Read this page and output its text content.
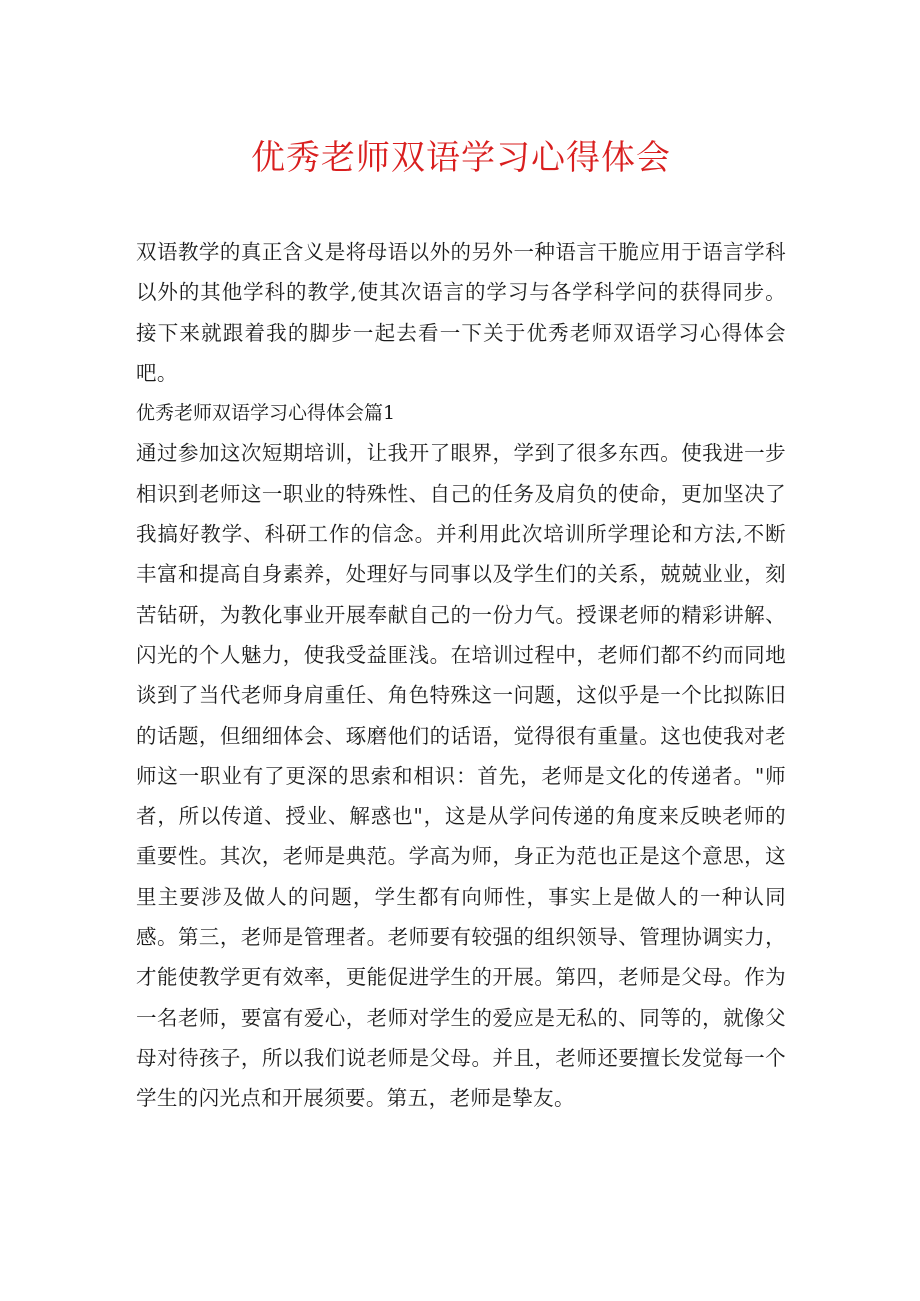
优秀老师双语学习心得体会

双语教学的真正含义是将母语以外的另外一种语言干脆应用于语言学科以外的其他学科的教学,使其次语言的学习与各学科学问的获得同步。接下来就跟着我的脚步一起去看一下关于优秀老师双语学习心得体会吧。

优秀老师双语学习心得体会篇1

通过参加这次短期培训，让我开了眼界，学到了很多东西。使我进一步相识到老师这一职业的特殊性、自己的任务及肩负的使命，更加坚决了我搞好教学、科研工作的信念。并利用此次培训所学理论和方法,不断丰富和提高自身素养，处理好与同事以及学生们的关系，兢兢业业，刻苦钻研，为教化事业开展奉献自己的一份力气。授课老师的精彩讲解、闪光的个人魅力，使我受益匪浅。在培训过程中，老师们都不约而同地谈到了当代老师身肩重任、角色特殊这一问题，这似乎是一个比拟陈旧的话题，但细细体会、琢磨他们的话语，觉得很有重量。这也使我对老师这一职业有了更深的思索和相识：首先，老师是文化的传递者。"师者，所以传道、授业、解惑也"，这是从学问传递的角度来反映老师的重要性。其次，老师是典范。学高为师，身正为范也正是这个意思，这里主要涉及做人的问题，学生都有向师性，事实上是做人的一种认同感。第三，老师是管理者。老师要有较强的组织领导、管理协调实力，才能使教学更有效率，更能促进学生的开展。第四，老师是父母。作为一名老师，要富有爱心，老师对学生的爱应是无私的、同等的，就像父母对待孩子，所以我们说老师是父母。并且，老师还要擅长发觉每一个学生的闪光点和开展须要。第五，老师是挚友。
